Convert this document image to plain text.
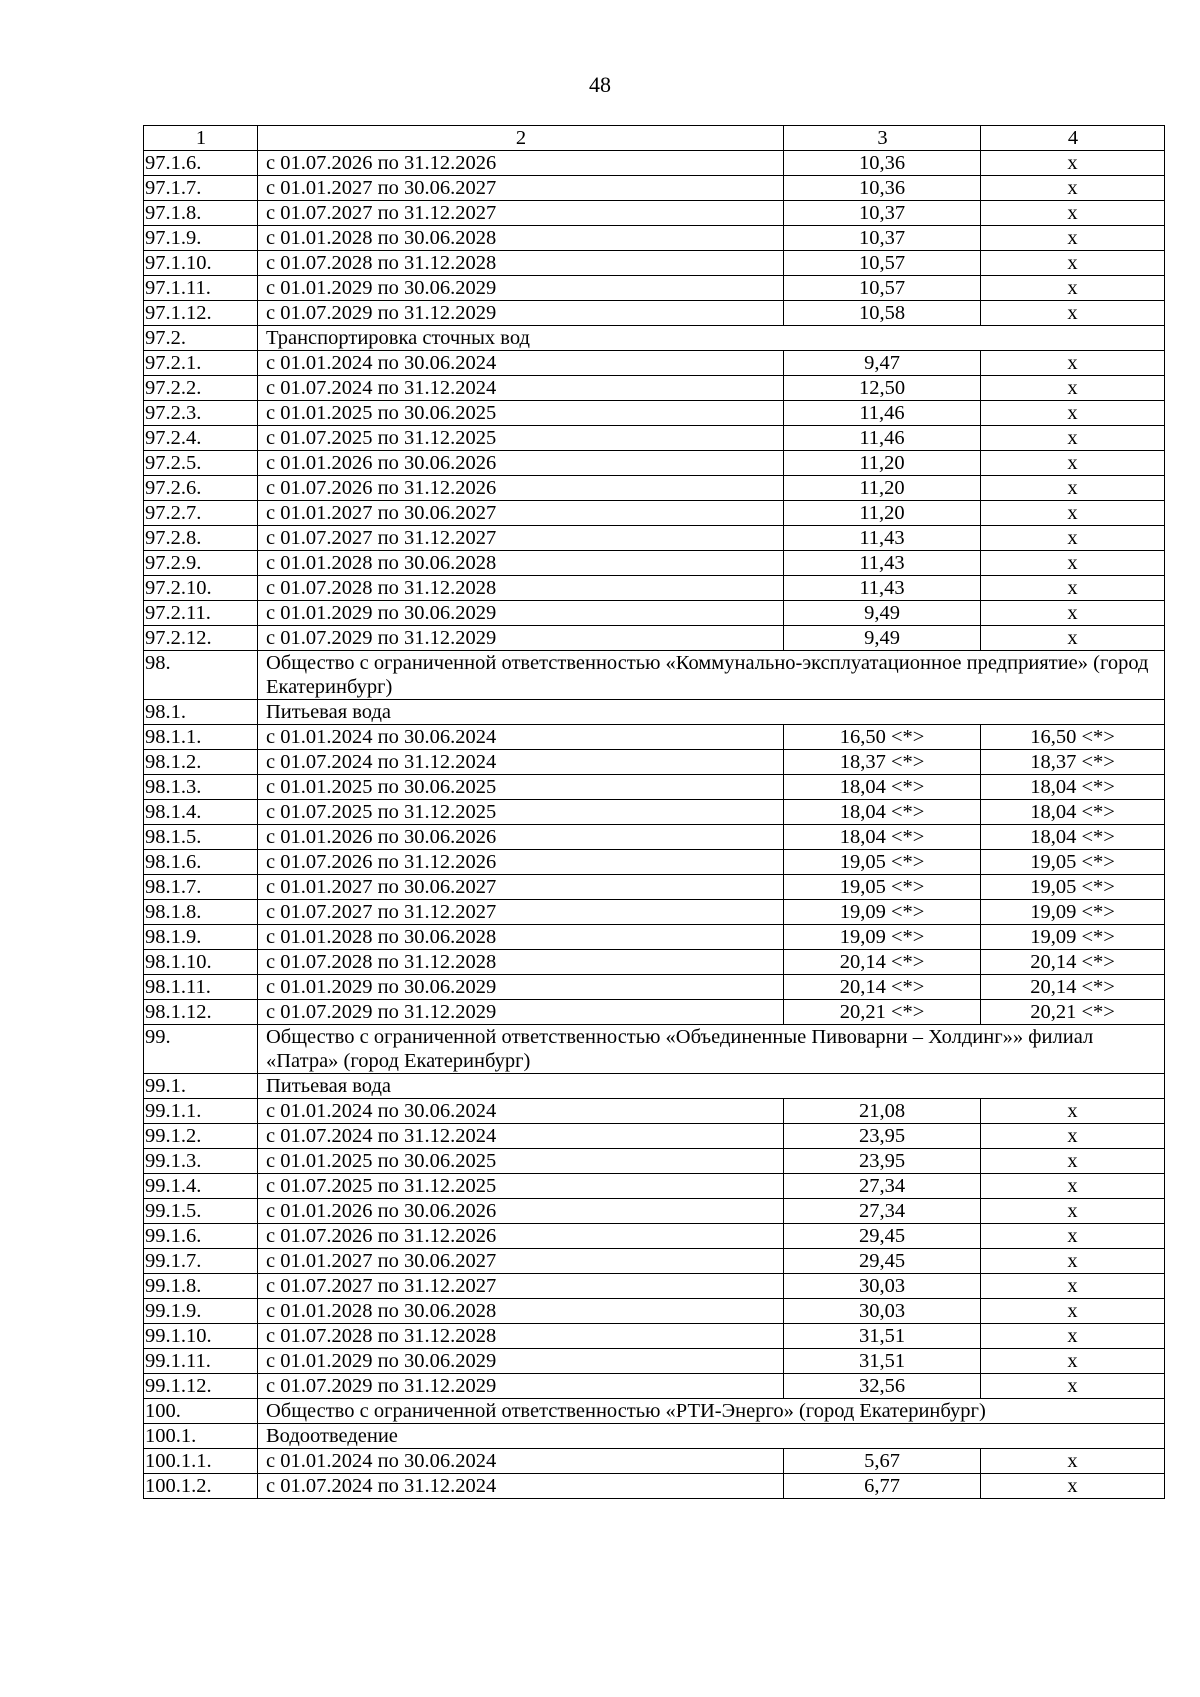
48
1	2	3	4
97.1.6.	с 01.07.2026 по 31.12.2026	10,36	х
97.1.7.	с 01.01.2027 по 30.06.2027	10,36	х
97.1.8.	с 01.07.2027 по 31.12.2027	10,37	х
97.1.9.	с 01.01.2028 по 30.06.2028	10,37	х
97.1.10.	с 01.07.2028 по 31.12.2028	10,57	х
97.1.11.	с 01.01.2029 по 30.06.2029	10,57	х
97.1.12.	с 01.07.2029 по 31.12.2029	10,58	х
97.2.	Транспортировка сточных вод		
97.2.1.	с 01.01.2024 по 30.06.2024	9,47	х
97.2.2.	с 01.07.2024 по 31.12.2024	12,50	х
97.2.3.	с 01.01.2025 по 30.06.2025	11,46	х
97.2.4.	с 01.07.2025 по 31.12.2025	11,46	х
97.2.5.	с 01.01.2026 по 30.06.2026	11,20	х
97.2.6.	с 01.07.2026 по 31.12.2026	11,20	х
97.2.7.	с 01.01.2027 по 30.06.2027	11,20	х
97.2.8.	с 01.07.2027 по 31.12.2027	11,43	х
97.2.9.	с 01.01.2028 по 30.06.2028	11,43	х
97.2.10.	с 01.07.2028 по 31.12.2028	11,43	х
97.2.11.	с 01.01.2029 по 30.06.2029	9,49	х
97.2.12.	с 01.07.2029 по 31.12.2029	9,49	х
98.	Общество с ограниченной ответственностью «Коммунально-эксплуатационное предприятие» (город Екатеринбург)		
98.1.	Питьевая вода		
98.1.1.	с 01.01.2024 по 30.06.2024	16,50 <*>	16,50 <*>
98.1.2.	с 01.07.2024 по 31.12.2024	18,37 <*>	18,37 <*>
98.1.3.	с 01.01.2025 по 30.06.2025	18,04 <*>	18,04 <*>
98.1.4.	с 01.07.2025 по 31.12.2025	18,04 <*>	18,04 <*>
98.1.5.	с 01.01.2026 по 30.06.2026	18,04 <*>	18,04 <*>
98.1.6.	с 01.07.2026 по 31.12.2026	19,05 <*>	19,05 <*>
98.1.7.	с 01.01.2027 по 30.06.2027	19,05 <*>	19,05 <*>
98.1.8.	с 01.07.2027 по 31.12.2027	19,09 <*>	19,09 <*>
98.1.9.	с 01.01.2028 по 30.06.2028	19,09 <*>	19,09 <*>
98.1.10.	с 01.07.2028 по 31.12.2028	20,14 <*>	20,14 <*>
98.1.11.	с 01.01.2029 по 30.06.2029	20,14 <*>	20,14 <*>
98.1.12.	с 01.07.2029 по 31.12.2029	20,21 <*>	20,21 <*>
99.	Общество с ограниченной ответственностью «Объединенные Пивоварни – Холдинг»» филиал «Патра» (город Екатеринбург)		
99.1.	Питьевая вода		
99.1.1.	с 01.01.2024 по 30.06.2024	21,08	х
99.1.2.	с 01.07.2024 по 31.12.2024	23,95	х
99.1.3.	с 01.01.2025 по 30.06.2025	23,95	х
99.1.4.	с 01.07.2025 по 31.12.2025	27,34	х
99.1.5.	с 01.01.2026 по 30.06.2026	27,34	х
99.1.6.	с 01.07.2026 по 31.12.2026	29,45	х
99.1.7.	с 01.01.2027 по 30.06.2027	29,45	х
99.1.8.	с 01.07.2027 по 31.12.2027	30,03	х
99.1.9.	с 01.01.2028 по 30.06.2028	30,03	х
99.1.10.	с 01.07.2028 по 31.12.2028	31,51	х
99.1.11.	с 01.01.2029 по 30.06.2029	31,51	х
99.1.12.	с 01.07.2029 по 31.12.2029	32,56	х
100.	Общество с ограниченной ответственностью «РТИ-Энерго» (город Екатеринбург)		
100.1.	Водоотведение		
100.1.1.	с 01.01.2024 по 30.06.2024	5,67	х
100.1.2.	с 01.07.2024 по 31.12.2024	6,77	х
